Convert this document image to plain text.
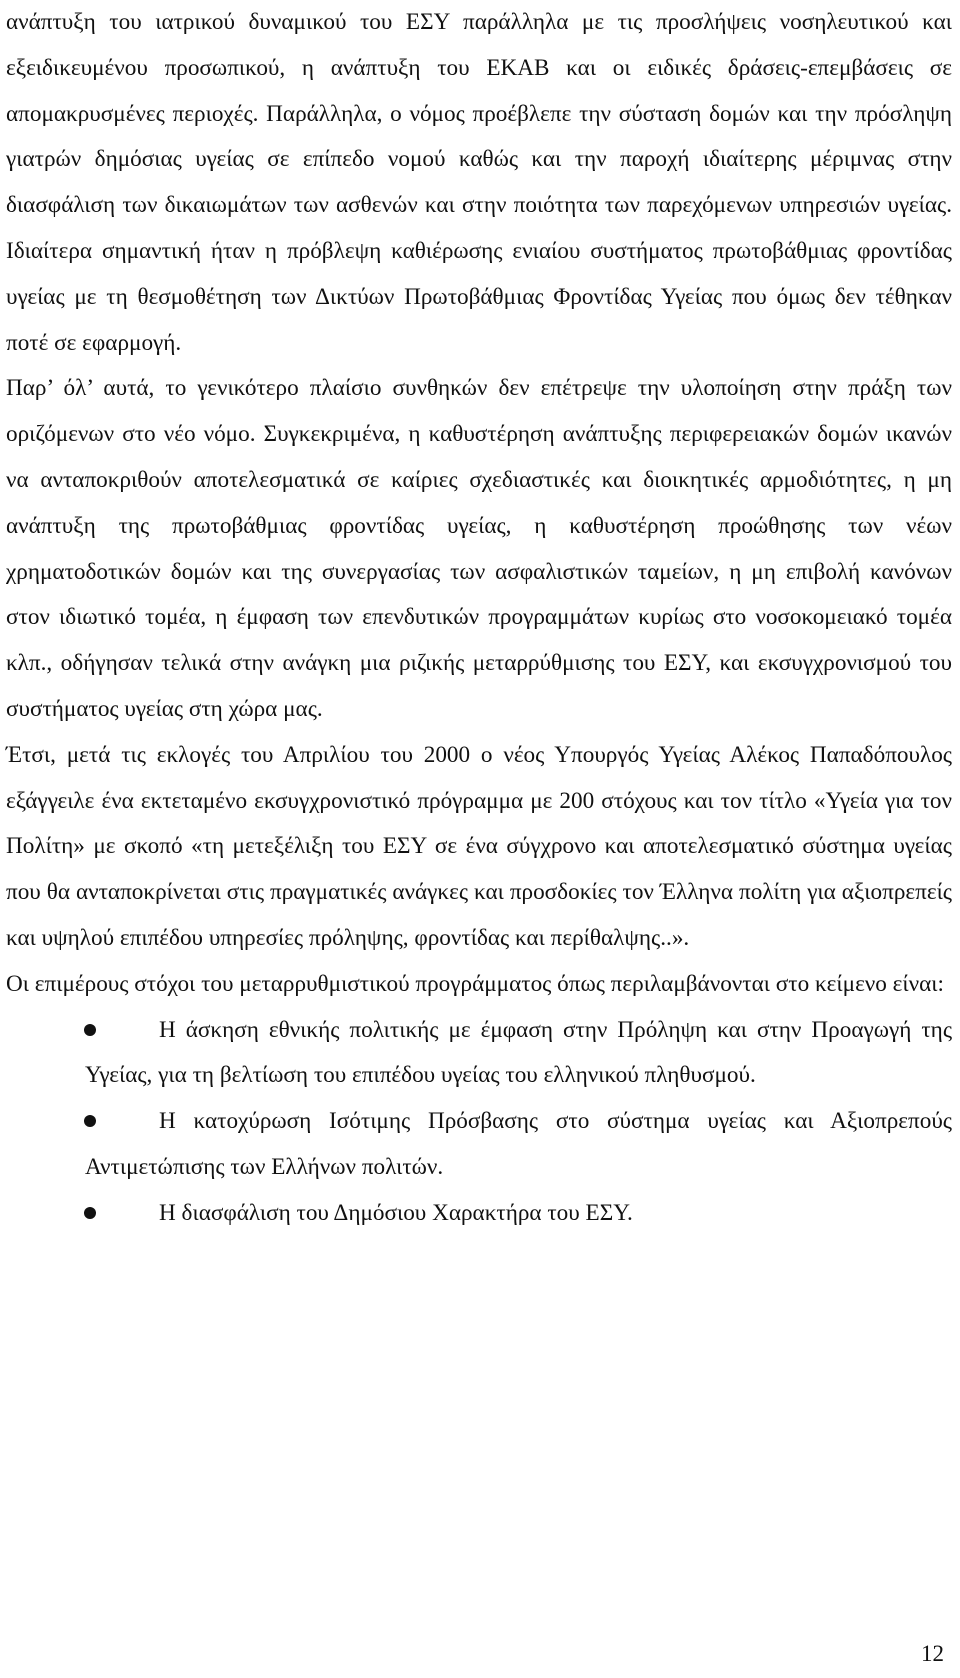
ανάπτυξη του ιατρικού δυναμικού του ΕΣΥ παράλληλα με τις προσλήψεις νοσηλευτικού και εξειδικευμένου προσωπικού, η ανάπτυξη του ΕΚΑΒ και οι ειδικές δράσεις-επεμβάσεις σε απομακρυσμένες περιοχές. Παράλληλα, ο νόμος προέβλεπε την σύσταση δομών και την πρόσληψη γιατρών δημόσιας υγείας σε επίπεδο νομού καθώς και την παροχή ιδιαίτερης μέριμνας στην διασφάλιση των δικαιωμάτων των ασθενών και στην ποιότητα των παρεχόμενων υπηρεσιών υγείας. Ιδιαίτερα σημαντική ήταν η πρόβλεψη καθιέρωσης ενιαίου συστήματος πρωτοβάθμιας φροντίδας υγείας με τη θεσμοθέτηση των Δικτύων Πρωτοβάθμιας Φροντίδας Υγείας που όμως δεν τέθηκαν ποτέ σε εφαρμογή.

Παρ’ όλ’ αυτά, το γενικότερο πλαίσιο συνθηκών δεν επέτρεψε την υλοποίηση στην πράξη των οριζόμενων στο νέο νόμο. Συγκεκριμένα, η καθυστέρηση ανάπτυξης περιφερειακών δομών ικανών να ανταποκριθούν αποτελεσματικά σε καίριες σχεδιαστικές και διοικητικές αρμοδιότητες, η μη ανάπτυξη της πρωτοβάθμιας φροντίδας υγείας, η καθυστέρηση προώθησης των νέων χρηματοδοτικών δομών και της συνεργασίας των ασφαλιστικών ταμείων, η μη επιβολή κανόνων στον ιδιωτικό τομέα, η έμφαση των επενδυτικών προγραμμάτων κυρίως στο νοσοκομειακό τομέα κλπ., οδήγησαν τελικά στην ανάγκη μια ριζικής μεταρρύθμισης του ΕΣΥ, και εκσυγχρονισμού του συστήματος υγείας στη χώρα μας.

Έτσι, μετά τις εκλογές του Απριλίου του 2000 ο νέος Υπουργός Υγείας Αλέκος Παπαδόπουλος εξάγγειλε ένα εκτεταμένο εκσυγχρονιστικό πρόγραμμα με 200 στόχους και τον τίτλο «Υγεία για τον Πολίτη» με σκοπό «τη μετεξέλιξη του ΕΣΥ σε ένα σύγχρονο και αποτελεσματικό σύστημα υγείας που θα ανταποκρίνεται στις πραγματικές ανάγκες και προσδοκίες τον Έλληνα πολίτη για αξιοπρεπείς και υψηλού επιπέδου υπηρεσίες πρόληψης, φροντίδας και περίθαλψης..».

Οι επιμέρους στόχοι του μεταρρυθμιστικού προγράμματος όπως περιλαμβάνονται στο κείμενο είναι:

Η άσκηση εθνικής πολιτικής με έμφαση στην Πρόληψη και στην Προαγωγή της Υγείας, για τη βελτίωση του επιπέδου υγείας του ελληνικού πληθυσμού.
Η κατοχύρωση Ισότιμης Πρόσβασης στο σύστημα υγείας και Αξιοπρεπούς Αντιμετώπισης των Ελλήνων πολιτών.
Η διασφάλιση του Δημόσιου Χαρακτήρα του ΕΣΥ.
12
